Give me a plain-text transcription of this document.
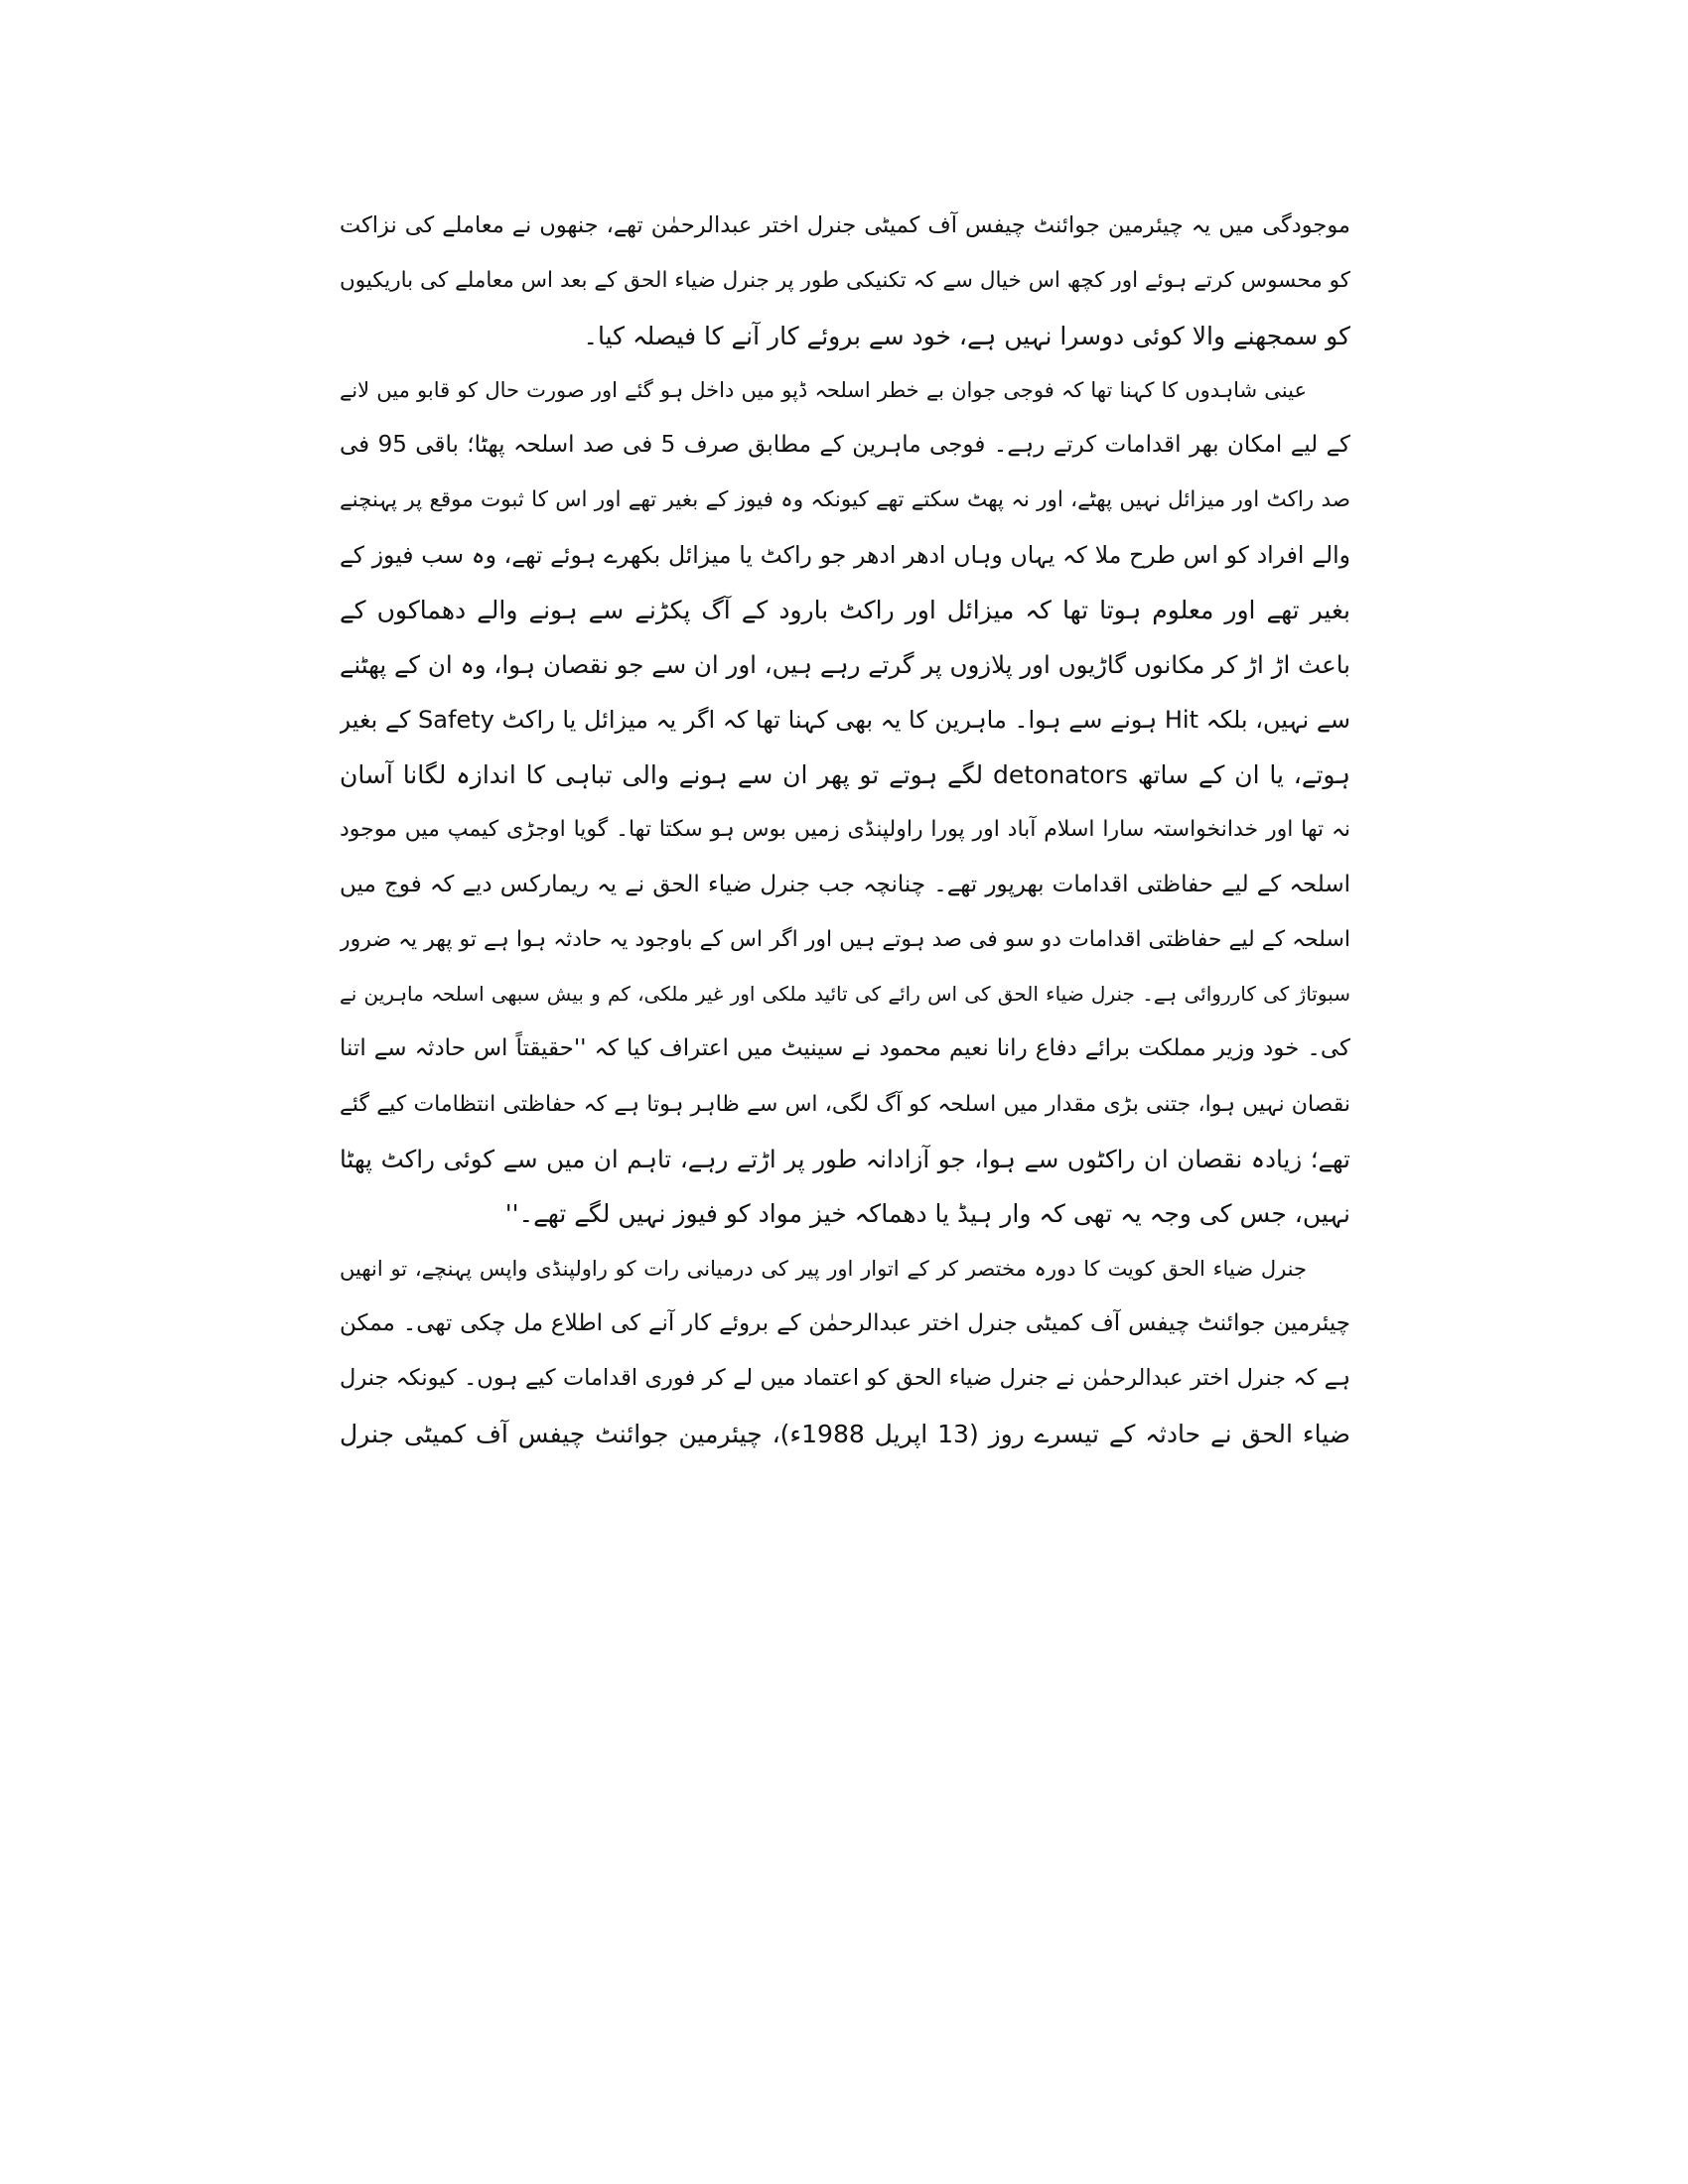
موجودگی میں یہ چیئرمین جوائنٹ چیفس آف کمیٹی جنرل اختر عبدالرحمٰن تھے، جنھوں نے معاملے کی نزاکت
کو محسوس کرتے ہوئے اور کچھ اس خیال سے کہ تکنیکی طور پر جنرل ضیاء الحق کے بعد اس معاملے کی باریکیوں
کو سمجھنے والا کوئی دوسرا نہیں ہے، خود سے بروئے کار آنے کا فیصلہ کیا۔
عینی شاہدوں کا کہنا تھا کہ فوجی جوان بے خطر اسلحہ ڈپو میں داخل ہو گئے اور صورت حال کو قابو میں لانے
کے لیے امکان بھر اقدامات کرتے رہے۔ فوجی ماہرین کے مطابق صرف 5 فی صد اسلحہ پھٹا؛ باقی 95 فی
صد راکٹ اور میزائل نہیں پھٹے، اور نہ پھٹ سکتے تھے کیونکہ وہ فیوز کے بغیر تھے اور اس کا ثبوت موقع پر پہنچنے
والے افراد کو اس طرح ملا کہ یہاں وہاں ادھر ادھر جو راکٹ یا میزائل بکھرے ہوئے تھے، وہ سب فیوز کے
بغیر تھے اور معلوم ہوتا تھا کہ میزائل اور راکٹ بارود کے آگ پکڑنے سے ہونے والے دھماکوں کے
باعث اڑ اڑ کر مکانوں گاڑیوں اور پلازوں پر گرتے رہے ہیں، اور ان سے جو نقصان ہوا، وہ ان کے پھٹنے
سے نہیں، بلکہ Hit ہونے سے ہوا۔ ماہرین کا یہ بھی کہنا تھا کہ اگر یہ میزائل یا راکٹ Safety کے بغیر
ہوتے، یا ان کے ساتھ detonators لگے ہوتے تو پھر ان سے ہونے والی تباہی کا اندازہ لگانا آسان
نہ تھا اور خدانخواستہ سارا اسلام آباد اور پورا راولپنڈی زمیں بوس ہو سکتا تھا۔ گویا اوجڑی کیمپ میں موجود
اسلحہ کے لیے حفاظتی اقدامات بھرپور تھے۔ چنانچہ جب جنرل ضیاء الحق نے یہ ریمارکس دیے کہ فوج میں
اسلحہ کے لیے حفاظتی اقدامات دو سو فی صد ہوتے ہیں اور اگر اس کے باوجود یہ حادثہ ہوا ہے تو پھر یہ ضرور
سبوتاژ کی کارروائی ہے۔ جنرل ضیاء الحق کی اس رائے کی تائید ملکی اور غیر ملکی، کم و بیش سبھی اسلحہ ماہرین نے
کی۔ خود وزیر مملکت برائے دفاع رانا نعیم محمود نے سینیٹ میں اعتراف کیا کہ ''حقیقتاً اس حادثہ سے اتنا
نقصان نہیں ہوا، جتنی بڑی مقدار میں اسلحہ کو آگ لگی، اس سے ظاہر ہوتا ہے کہ حفاظتی انتظامات کیے گئے
تھے؛ زیادہ نقصان ان راکٹوں سے ہوا، جو آزادانہ طور پر اڑتے رہے، تاہم ان میں سے کوئی راکٹ پھٹا
نہیں، جس کی وجہ یہ تھی کہ وار ہیڈ یا دھماکہ خیز مواد کو فیوز نہیں لگے تھے۔''
جنرل ضیاء الحق کویت کا دورہ مختصر کر کے اتوار اور پیر کی درمیانی رات کو راولپنڈی واپس پہنچے، تو انھیں
چیئرمین جوائنٹ چیفس آف کمیٹی جنرل اختر عبدالرحمٰن کے بروئے کار آنے کی اطلاع مل چکی تھی۔ ممکن
ہے کہ جنرل اختر عبدالرحمٰن نے جنرل ضیاء الحق کو اعتماد میں لے کر فوری اقدامات کیے ہوں۔ کیونکہ جنرل
ضیاء الحق نے حادثہ کے تیسرے روز (13 اپریل 1988ء)، چیئرمین جوائنٹ چیفس آف کمیٹی جنرل
